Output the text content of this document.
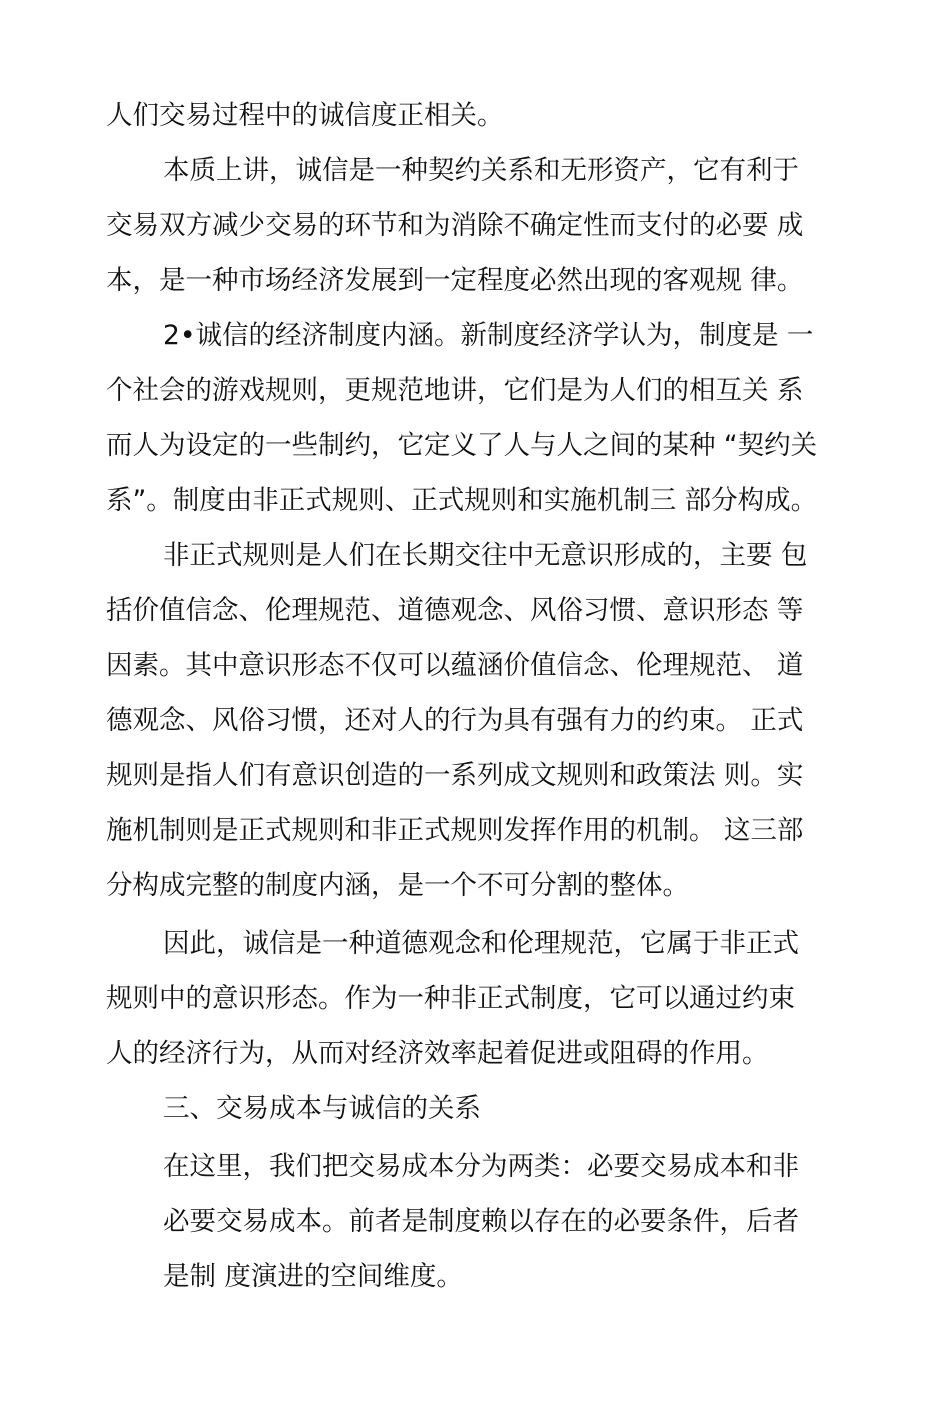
人们交易过程中的诚信度正相关。
本质上讲，诚信是一种契约关系和无形资产，它有利于
交易双方减少交易的环节和为消除不确定性而支付的必要 成
本，是一种市场经济发展到一定程度必然出现的客观规 律。
2•诚信的经济制度内涵。新制度经济学认为，制度是 一
个社会的游戏规则，更规范地讲，它们是为人们的相互关 系
而人为设定的一些制约，它定义了人与人之间的某种 “契约关
系”。制度由非正式规则、正式规则和实施机制三 部分构成。
非正式规则是人们在长期交往中无意识形成的，主要 包
括价值信念、伦理规范、道德观念、风俗习惯、意识形态 等
因素。其中意识形态不仅可以蕴涵价值信念、伦理规范、 道
德观念、风俗习惯，还对人的行为具有强有力的约束。 正式
规则是指人们有意识创造的一系列成文规则和政策法 则。实
施机制则是正式规则和非正式规则发挥作用的机制。 这三部
分构成完整的制度内涵，是一个不可分割的整体。
因此，诚信是一种道德观念和伦理规范，它属于非正式
规则中的意识形态。作为一种非正式制度，它可以通过约束
人的经济行为，从而对经济效率起着促进或阻碍的作用。
三、交易成本与诚信的关系
在这里，我们把交易成本分为两类：必要交易成本和非
必要交易成本。前者是制度赖以存在的必要条件，后者
是制 度演进的空间维度。
